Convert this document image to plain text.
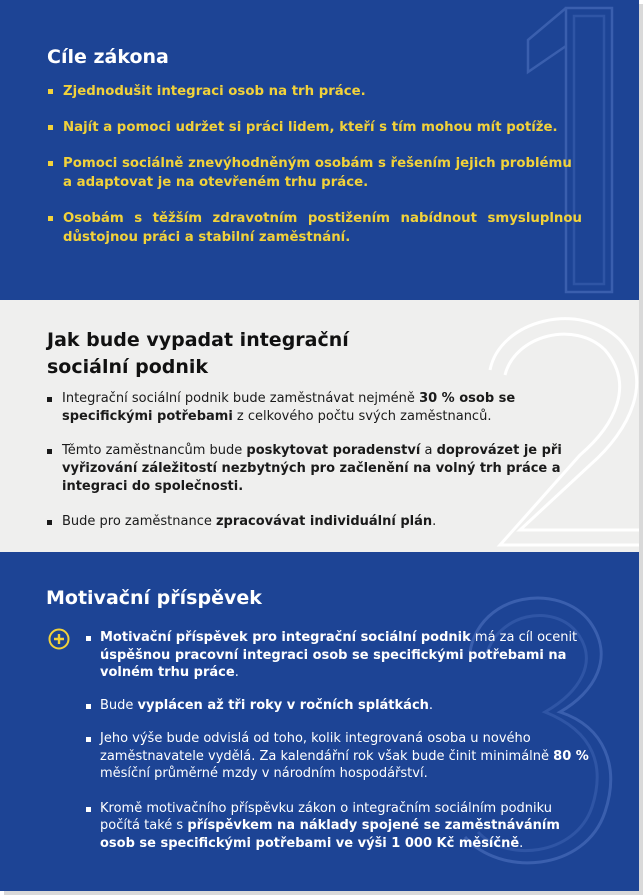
Cíle zákona
Zjednodušit integraci osob na trh práce.
Najít a pomoci udržet si práci lidem, kteří s tím mohou mít potíže.
Pomoci sociálně znevýhodněným osobám s řešením jejich problému a adaptovat je na otevřeném trhu práce.
Osobám s těžším zdravotním postižením nabídnout smysluplnou důstojnou práci a stabilní zaměstnání.
Jak bude vypadat integrační
sociální podnik
Integrační sociální podnik bude zaměstnávat nejméně 30 % osob se specifickými potřebami z celkového počtu svých zaměstnanců.
Těmto zaměstnancům bude poskytovat poradenství a doprovázet je při vyřizování záležitostí nezbytných pro začlenění na volný trh práce a integraci do společnosti.
Bude pro zaměstnance zpracovávat individuální plán.
Motivační příspěvek
Motivační příspěvek pro integrační sociální podnik má za cíl ocenit úspěšnou pracovní integraci osob se specifickými potřebami na volném trhu práce.
Bude vyplácen až tři roky v ročních splátkách.
Jeho výše bude odvislá od toho, kolik integrovaná osoba u nového zaměstnavatele vydělá. Za kalendářní rok však bude činit minimálně 80 % měsíční průměrné mzdy v národním hospodářství.
Kromě motivačního příspěvku zákon o integračním sociálním podniku počítá také s příspěvkem na náklady spojené se zaměstnáváním osob se specifickými potřebami ve výši 1 000 Kč měsíčně.
